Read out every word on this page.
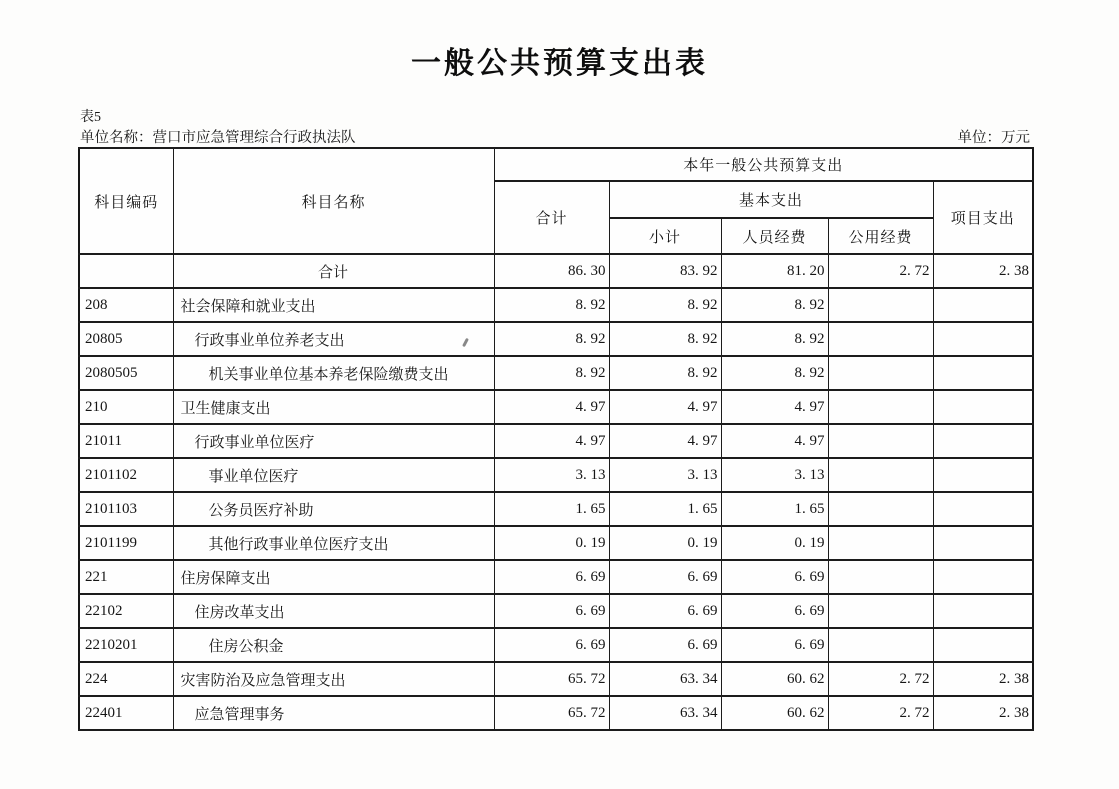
一般公共预算支出表
表5
单位名称：营口市应急管理综合行政执法队	单位：万元
科目编码	科目名称	本年一般公共预算支出				
		合计	基本支出			项目支出
			小计	人员经费	公用经费	
	合计	86. 30	83. 92	81. 20	2. 72	2. 38
208	社会保障和就业支出	8. 92	8. 92	8. 92		
20805	行政事业单位养老支出	8. 92	8. 92	8. 92		
2080505	机关事业单位基本养老保险缴费支出	8. 92	8. 92	8. 92		
210	卫生健康支出	4. 97	4. 97	4. 97		
21011	行政事业单位医疗	4. 97	4. 97	4. 97		
2101102	事业单位医疗	3. 13	3. 13	3. 13		
2101103	公务员医疗补助	1. 65	1. 65	1. 65		
2101199	其他行政事业单位医疗支出	0. 19	0. 19	0. 19		
221	住房保障支出	6. 69	6. 69	6. 69		
22102	住房改革支出	6. 69	6. 69	6. 69		
2210201	住房公积金	6. 69	6. 69	6. 69		
224	灾害防治及应急管理支出	65. 72	63. 34	60. 62	2. 72	2. 38
22401	应急管理事务	65. 72	63. 34	60. 62	2. 72	2. 38
